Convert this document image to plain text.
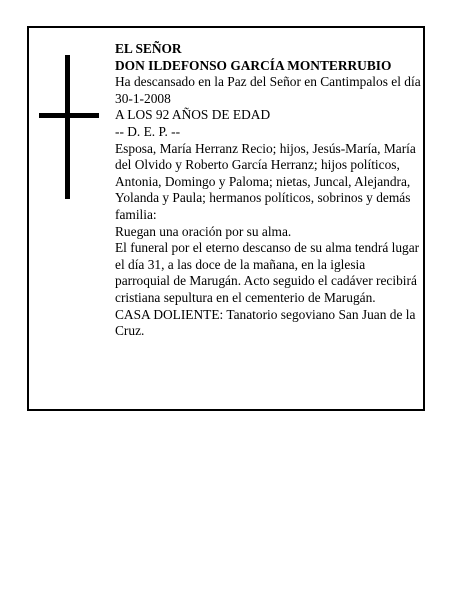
EL SEÑOR

DON ILDEFONSO GARCÍA MONTERRUBIO

Ha descansado en la Paz del Señor en Cantimpalos el día 30-1-2008

A LOS 92 AÑOS DE EDAD

-- D. E. P. --

Esposa, María Herranz Recio; hijos, Jesús-María, María del Olvido y Roberto García Herranz; hijos políticos, Antonia, Domingo y Paloma; nietas, Juncal, Alejandra, Yolanda y Paula; hermanos políticos, sobrinos y demás familia:

Ruegan una oración por su alma.

El funeral por el eterno descanso de su alma tendrá lugar el día 31, a las doce de la mañana, en la iglesia parroquial de Marugán. Acto seguido el cadáver recibirá cristiana sepultura en el cementerio de Marugán.

CASA DOLIENTE: Tanatorio segoviano San Juan de la Cruz.
